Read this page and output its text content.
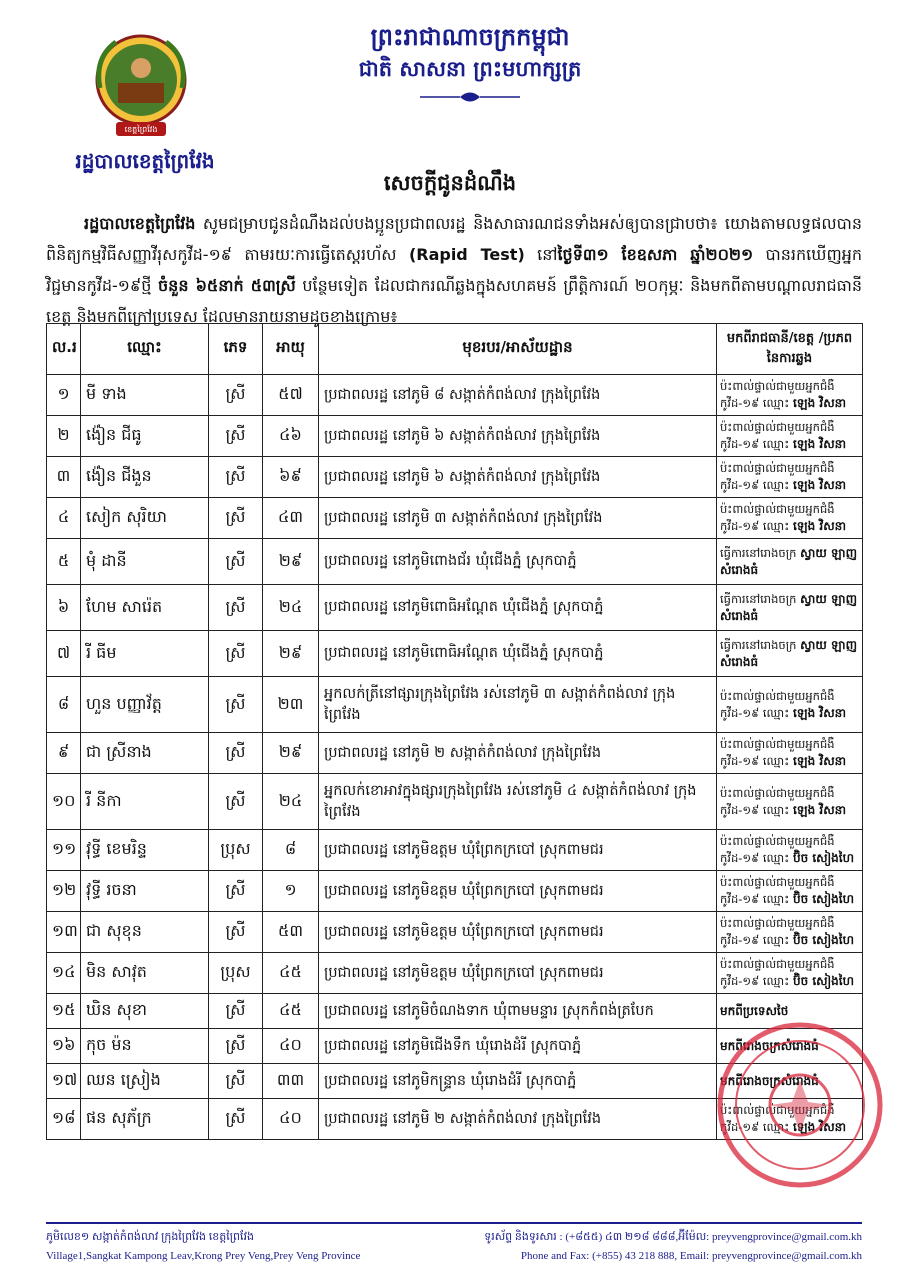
ខេត្តព្រៃវែង
រដ្ឋបាលខេត្តព្រៃវែង
ព្រះរាជាណាចក្រកម្ពុជា
ជាតិ សាសនា ព្រះមហាក្សត្រ
សេចក្ដីជូនដំណឹង
រដ្ឋបាលខេត្តព្រៃវែង សូមជម្រាបជូនដំណឹងដល់បងប្អូនប្រជាពលរដ្ឋ និងសាធារណជនទាំងអស់ឲ្យបានជ្រាបថា៖ យោងតាមលទ្ធផលបានពិនិត្យកម្មវិធីសញ្ញាវីរុសកូវីដ-១៩ តាមរយៈការធ្វើតេស្តរហ័ស (Rapid Test) នៅថ្ងៃទី៣១ ខែឧសភា ឆ្នាំ២០២១ បានរកឃើញអ្នកវិជ្ជមានកូវីដ-១៩ថ្មី ចំនួន ៦៥នាក់ ៥៣ស្រី បន្ថែមទៀត ដែលជាករណីឆ្លងក្នុងសហគមន៍ ព្រឹត្តិការណ៍ ២០កុម្ភៈ និងមកពីតាមបណ្ដាលរាជធានីខេត្ត និងមកពីក្រៅប្រទេស ដែលមានរាយនាមដូចខាងក្រោម៖
ល.រ	ឈ្មោះ	ភេទ	អាយុ	មុខរបរ/អាស័យដ្ឋាន	មកពីរាជធានី/ខេត្ត /ប្រភពនៃការឆ្លង
១	មី ទាង	ស្រី	៥៧	ប្រជាពលរដ្ឋ នៅភូមិ ៨ សង្កាត់កំពង់លាវ ក្រុងព្រៃវែង	ប៉ះពាល់ផ្ទាល់ជាមួយអ្នកជំងឺ កូវីដ-១៩ ឈ្មោះ ឡេង វិសនា
២	ង៉ៀន ជីធូ	ស្រី	៤៦	ប្រជាពលរដ្ឋ នៅភូមិ ៦ សង្កាត់កំពង់លាវ ក្រុងព្រៃវែង	ប៉ះពាល់ផ្ទាល់ជាមួយអ្នកជំងឺ កូវីដ-១៩ ឈ្មោះ ឡេង វិសនា
៣	ង៉ៀន ជីងួន	ស្រី	៦៩	ប្រជាពលរដ្ឋ នៅភូមិ ៦ សង្កាត់កំពង់លាវ ក្រុងព្រៃវែង	ប៉ះពាល់ផ្ទាល់ជាមួយអ្នកជំងឺ កូវីដ-១៩ ឈ្មោះ ឡេង វិសនា
៤	សៀក សុរិយា	ស្រី	៤៣	ប្រជាពលរដ្ឋ នៅភូមិ ៣ សង្កាត់កំពង់លាវ ក្រុងព្រៃវែង	ប៉ះពាល់ផ្ទាល់ជាមួយអ្នកជំងឺ កូវីដ-១៩ ឈ្មោះ ឡេង វិសនា
៥	មុំ ដានី	ស្រី	២៩	ប្រជាពលរដ្ឋ នៅភូមិពោងជ័រ ឃុំជើងភ្នំ ស្រុកបាភ្នំ	ធ្វើការនៅរោងចក្រ ស្វាយ ឡាញសំរោងធំ
៦	ហែម សារ៉េត	ស្រី	២៤	ប្រជាពលរដ្ឋ នៅភូមិពោធិអណ្ដែត ឃុំជើងភ្នំ ស្រុកបាភ្នំ	ធ្វើការនៅរោងចក្រ ស្វាយ ឡាញសំរោងធំ
៧	រី ធីម	ស្រី	២៩	ប្រជាពលរដ្ឋ នៅភូមិពោធិអណ្ដែត ឃុំជើងភ្នំ ស្រុកបាភ្នំ	ធ្វើការនៅរោងចក្រ ស្វាយ ឡាញសំរោងធំ
៨	ហួន បញ្ញាវ័ត្ត	ស្រី	២៣	អ្នកលក់ត្រីនៅផ្សារក្រុងព្រៃវែង រស់នៅភូមិ ៣ សង្កាត់កំពង់លាវ ក្រុងព្រៃវែង	ប៉ះពាល់ផ្ទាល់ជាមួយអ្នកជំងឺ កូវីដ-១៩ ឈ្មោះ ឡេង វិសនា
៩	ជា ស្រីនាង	ស្រី	២៩	ប្រជាពលរដ្ឋ នៅភូមិ ២ សង្កាត់កំពង់លាវ ក្រុងព្រៃវែង	ប៉ះពាល់ផ្ទាល់ជាមួយអ្នកជំងឺ កូវីដ-១៩ ឈ្មោះ ឡេង វិសនា
១០	រី នីកា	ស្រី	២៤	អ្នកលក់ខោអាវក្នុងផ្សារក្រុងព្រៃវែង រស់នៅភូមិ ៤ សង្កាត់កំពង់លាវ ក្រុងព្រៃវែង	ប៉ះពាល់ផ្ទាល់ជាមួយអ្នកជំងឺ កូវីដ-១៩ ឈ្មោះ ឡេង វិសនា
១១	វុទ្ធី ខេមរិន្ទ	ប្រុស	៨	ប្រជាពលរដ្ឋ នៅភូមិឧត្ដម ឃុំព្រែកក្របៅ ស្រុកពាមជរ	ប៉ះពាល់ផ្ទាល់ជាមួយអ្នកជំងឺ កូវីដ-១៩ ឈ្មោះ ប៊ិច សៀងហៃ
១២	វុទ្ធី រចនា	ស្រី	១	ប្រជាពលរដ្ឋ នៅភូមិឧត្ដម ឃុំព្រែកក្របៅ ស្រុកពាមជរ	ប៉ះពាល់ផ្ទាល់ជាមួយអ្នកជំងឺ កូវីដ-១៩ ឈ្មោះ ប៊ិច សៀងហៃ
១៣	ជា សុខុន	ស្រី	៥៣	ប្រជាពលរដ្ឋ នៅភូមិឧត្ដម ឃុំព្រែកក្របៅ ស្រុកពាមជរ	ប៉ះពាល់ផ្ទាល់ជាមួយអ្នកជំងឺ កូវីដ-១៩ ឈ្មោះ ប៊ិច សៀងហៃ
១៤	មិន សាវុត	ប្រុស	៤៥	ប្រជាពលរដ្ឋ នៅភូមិឧត្ដម ឃុំព្រែកក្របៅ ស្រុកពាមជរ	ប៉ះពាល់ផ្ទាល់ជាមួយអ្នកជំងឺ កូវីដ-១៩ ឈ្មោះ ប៊ិច សៀងហៃ
១៥	ឃិន សុខា	ស្រី	៤៥	ប្រជាពលរដ្ឋ នៅភូមិចំណងទាក ឃុំពាមមន្ទារ ស្រុកកំពង់ត្របែក	មកពីប្រទេសថៃ
១៦	កុច ម៉ន	ស្រី	៤០	ប្រជាពលរដ្ឋ នៅភូមិជើងទឹក ឃុំរោងដំរី ស្រុកបាភ្នំ	មកពីរោងចក្រសំរោងធំ
១៧	ឈន ស្រៀង	ស្រី	៣៣	ប្រជាពលរដ្ឋ នៅភូមិកន្ទ្រាន ឃុំរោងដំរី ស្រុកបាភ្នំ	មកពីរោងចក្រសំរោងធំ
១៨	ផន សុភ័ក្រ	ស្រី	៤០	ប្រជាពលរដ្ឋ នៅភូមិ ២ សង្កាត់កំពង់លាវ ក្រុងព្រៃវែង	ប៉ះពាល់ផ្ទាល់ជាមួយអ្នកជំងឺ កូវីដ-១៩ ឈ្មោះ ឡេង វិសនា
ភូមិលេខ១ សង្កាត់កំពង់លាវ ក្រុងព្រៃវែង ខេត្តព្រៃវែង
Village1,Sangkat Kampong Leav,Krong Prey Veng,Prey Veng Province
ទូរស័ព្ទ និងទូរសារ : (+៨៥៥) ៤៣ ២១៨ ៨៨៨,អ៊ីម៉ែល: preyvengprovince@gmail.com.kh
Phone and Fax: (+855) 43 218 888, Email: preyvengprovince@gmail.com.kh
